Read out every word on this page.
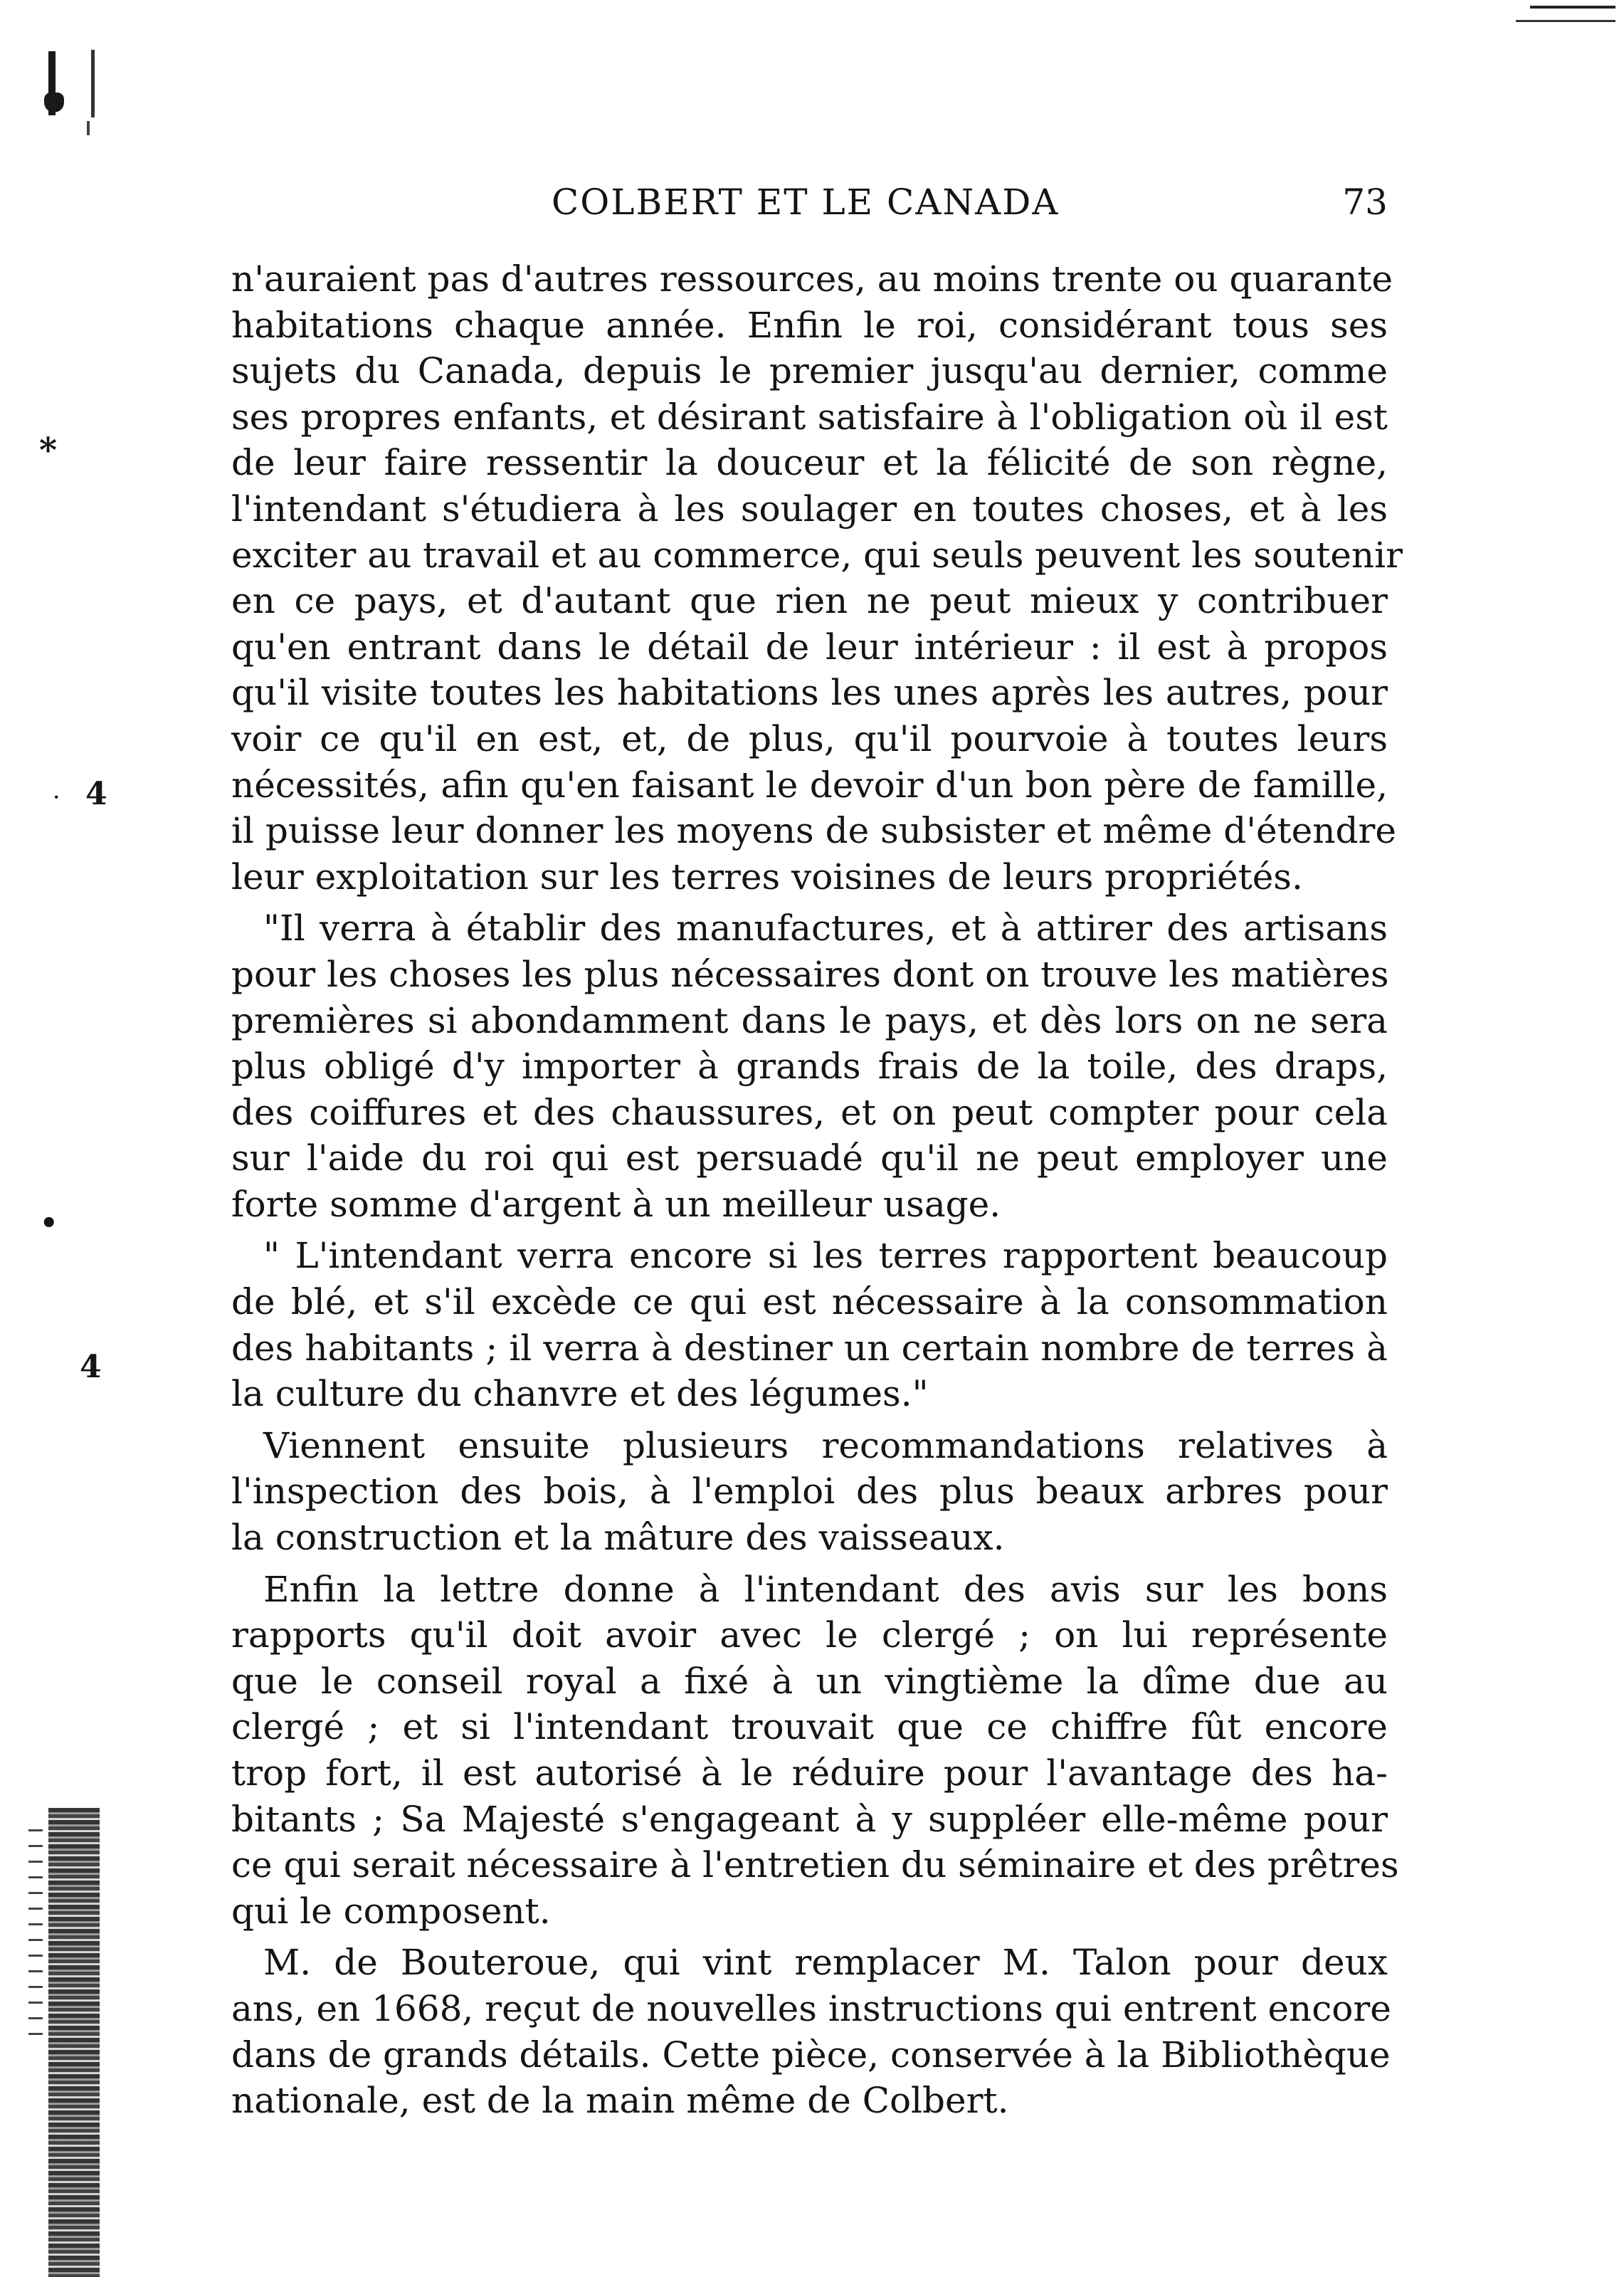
*
4
·
•
4
COLBERT ET LE CANADA	73
n'auraient pas d'autres ressources, au moins trente ou quarante
habitations chaque année. Enfin le roi, considérant tous ses
sujets du Canada, depuis le premier jusqu'au dernier, comme
ses propres enfants, et désirant satisfaire à l'obligation où il est
de leur faire ressentir la douceur et la félicité de son règne,
l'intendant s'étudiera à les soulager en toutes choses, et à les
exciter au travail et au commerce, qui seuls peuvent les soutenir
en ce pays, et d'autant que rien ne peut mieux y contribuer
qu'en entrant dans le détail de leur intérieur : il est à propos
qu'il visite toutes les habitations les unes après les autres, pour
voir ce qu'il en est, et, de plus, qu'il pourvoie à toutes leurs
nécessités, afin qu'en faisant le devoir d'un bon père de famille,
il puisse leur donner les moyens de subsister et même d'étendre
leur exploitation sur les terres voisines de leurs propriétés.
"Il verra à établir des manufactures, et à attirer des artisans
pour les choses les plus nécessaires dont on trouve les matières
premières si abondamment dans le pays, et dès lors on ne sera
plus obligé d'y importer à grands frais de la toile, des draps,
des coiffures et des chaussures, et on peut compter pour cela
sur l'aide du roi qui est persuadé qu'il ne peut employer une
forte somme d'argent à un meilleur usage.
" L'intendant verra encore si les terres rapportent beaucoup
de blé, et s'il excède ce qui est nécessaire à la consommation
des habitants ; il verra à destiner un certain nombre de terres à
la culture du chanvre et des légumes."
Viennent ensuite plusieurs recommandations relatives à
l'inspection des bois, à l'emploi des plus beaux arbres pour
la construction et la mâture des vaisseaux.
Enfin la lettre donne à l'intendant des avis sur les bons
rapports qu'il doit avoir avec le clergé ; on lui représente
que le conseil royal a fixé à un vingtième la dîme due au
clergé ; et si l'intendant trouvait que ce chiffre fût encore
trop fort, il est autorisé à le réduire pour l'avantage des ha-
bitants ; Sa Majesté s'engageant à y suppléer elle-même pour
ce qui serait nécessaire à l'entretien du séminaire et des prêtres
qui le composent.
M. de Bouteroue, qui vint remplacer M. Talon pour deux
ans, en 1668, reçut de nouvelles instructions qui entrent encore
dans de grands détails. Cette pièce, conservée à la Bibliothèque
nationale, est de la main même de Colbert.
